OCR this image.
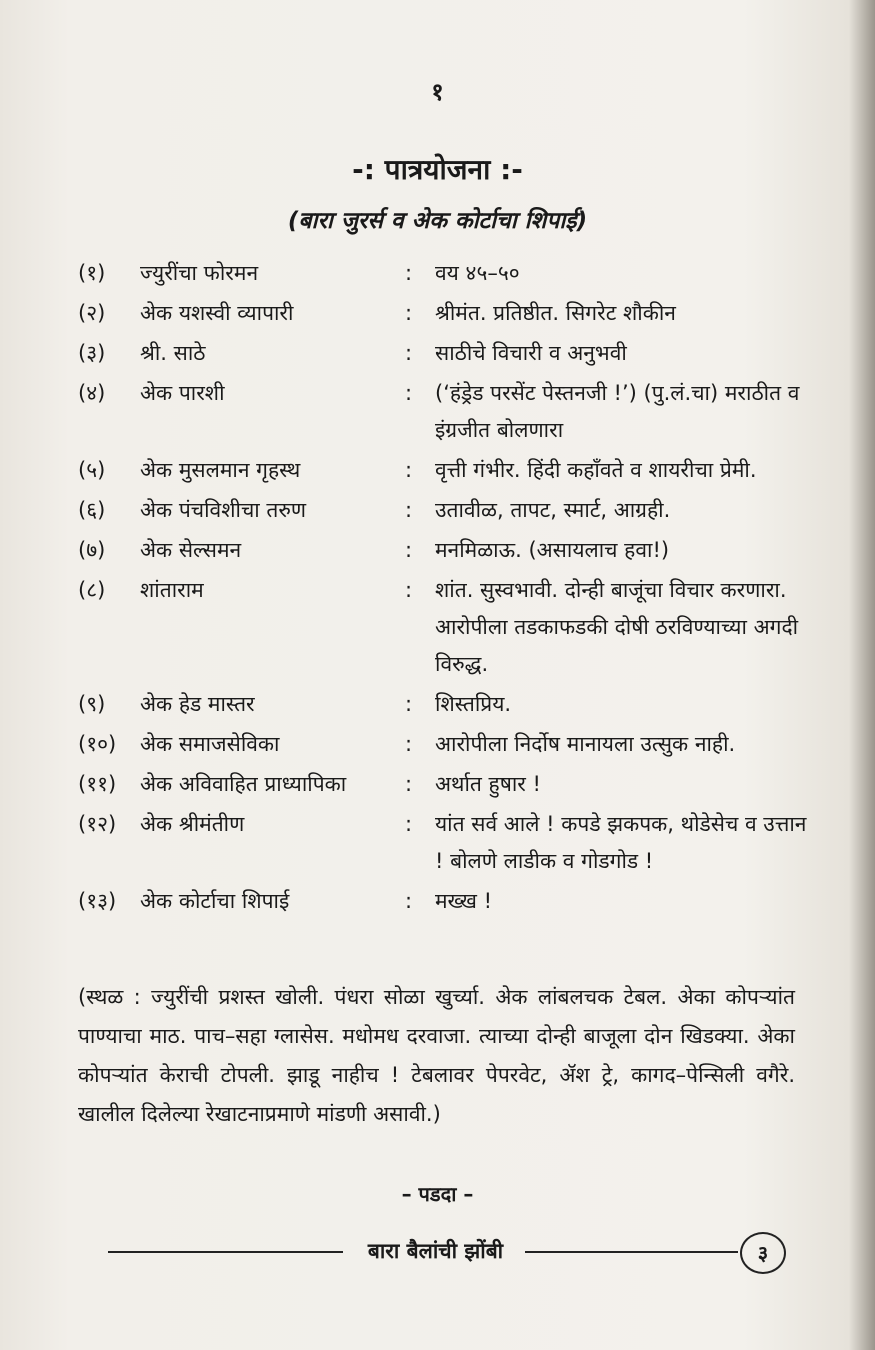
१
-: पात्रयोजना :-
(बारा जुरर्स व अेक कोर्टाचा शिपाई)
(१)	ज्युरींचा फोरमन	:	वय ४५–५०
(२)	अेक यशस्वी व्यापारी	:	श्रीमंत. प्रतिष्ठीत. सिगरेट शौकीन
(३)	श्री. साठे	:	साठीचे विचारी व अनुभवी
(४)	अेक पारशी	:	(‘हंड्रेड परसेंट पेस्तनजी !’) (पु.लं.चा) मराठीत व इंग्रजीत बोलणारा
(५)	अेक मुसलमान गृहस्थ	:	वृत्ती गंभीर. हिंदी कहाँवते व शायरीचा प्रेमी.
(६)	अेक पंचविशीचा तरुण	:	उतावीळ, तापट, स्मार्ट, आग्रही.
(७)	अेक सेल्समन	:	मनमिळाऊ. (असायलाच हवा!)
(८)	शांताराम	:	शांत. सुस्वभावी. दोन्ही बाजूंचा विचार करणारा. आरोपीला तडकाफडकी दोषी ठरविण्याच्या अगदी विरुद्ध.
(९)	अेक हेड मास्तर	:	शिस्तप्रिय.
(१०)	अेक समाजसेविका	:	आरोपीला निर्दोष मानायला उत्सुक नाही.
(११)	अेक अविवाहित प्राध्यापिका	:	अर्थात हुषार !
(१२)	अेक श्रीमंतीण	:	यांत सर्व आले ! कपडे झकपक, थोडेसेच व उत्तान ! बोलणे लाडीक व गोडगोड !
(१३)	अेक कोर्टाचा शिपाई	:	मख्ख !
(स्थळ : ज्युरींची प्रशस्त खोली. पंधरा सोळा खुर्च्या. अेक लांबलचक टेबल. अेका कोपऱ्यांत पाण्याचा माठ. पाच–सहा ग्लासेस. मधोमध दरवाजा. त्याच्या दोन्ही बाजूला दोन खिडक्या. अेका कोपऱ्यांत केराची टोपली. झाडू नाहीच ! टेबलावर पेपरवेट, ॲश ट्रे, कागद–पेन्सिली वगैरे. खालील दिलेल्या रेखाटनाप्रमाणे मांडणी असावी.)
– पडदा –
बारा बैलांची झोंबी	३
